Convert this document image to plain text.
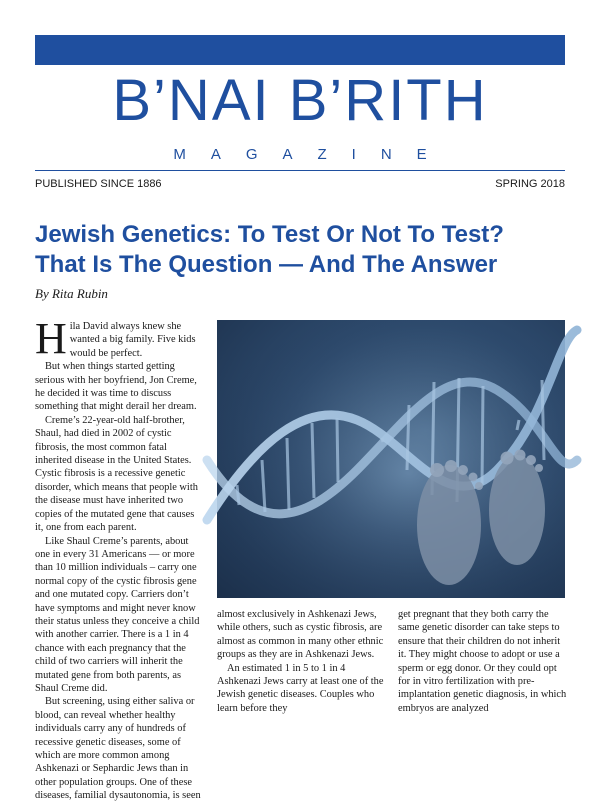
B’NAI B’RITH
MAGAZINE
PUBLISHED SINCE 1886	SPRING 2018
Jewish Genetics: To Test Or Not To Test?
That Is The Question — And The Answer
By Rita Rubin

Hila David always knew she wanted a big family. Five kids would be perfect.

But when things started getting serious with her boyfriend, Jon Creme, he decided it was time to discuss something that might derail her dream.

Creme’s 22-year-old half-brother, Shaul, had died in 2002 of cystic fibrosis, the most common fatal inherited disease in the United States. Cystic fibrosis is a recessive genetic disorder, which means that people with the disease must have inherited two copies of the mutated gene that causes it, one from each parent.

Like Shaul Creme’s parents, about one in every 31 Americans — or more than 10 million individuals – carry one normal copy of the cystic fibrosis gene and one mutated copy. Carriers don’t have symptoms and might never know their status unless they conceive a child with another carrier. There is a 1 in 4 chance with each pregnancy that the child of two carriers will inherit the mutated gene from both parents, as Shaul Creme did.

But screening, using either saliva or blood, can reveal whether healthy individuals carry any of hundreds of recessive genetic diseases, some of which are more common among Ashkenazi or Sephardic Jews than in other population groups. One of these diseases, familial dysautonomia, is seen

almost exclusively in Ashkenazi Jews, while others, such as cystic fibrosis, are almost as common in many other ethnic groups as they are in Ashkenazi Jews.

An estimated 1 in 5 to 1 in 4 Ashkenazi Jews carry at least one of the Jewish genetic diseases. Couples who learn before they

get pregnant that they both carry the same genetic disorder can take steps to ensure that their children do not inherit it. They might choose to adopt or use a sperm or egg donor. Or they could opt for in vitro fertilization with pre-implantation genetic diagnosis, in which embryos are analyzed
